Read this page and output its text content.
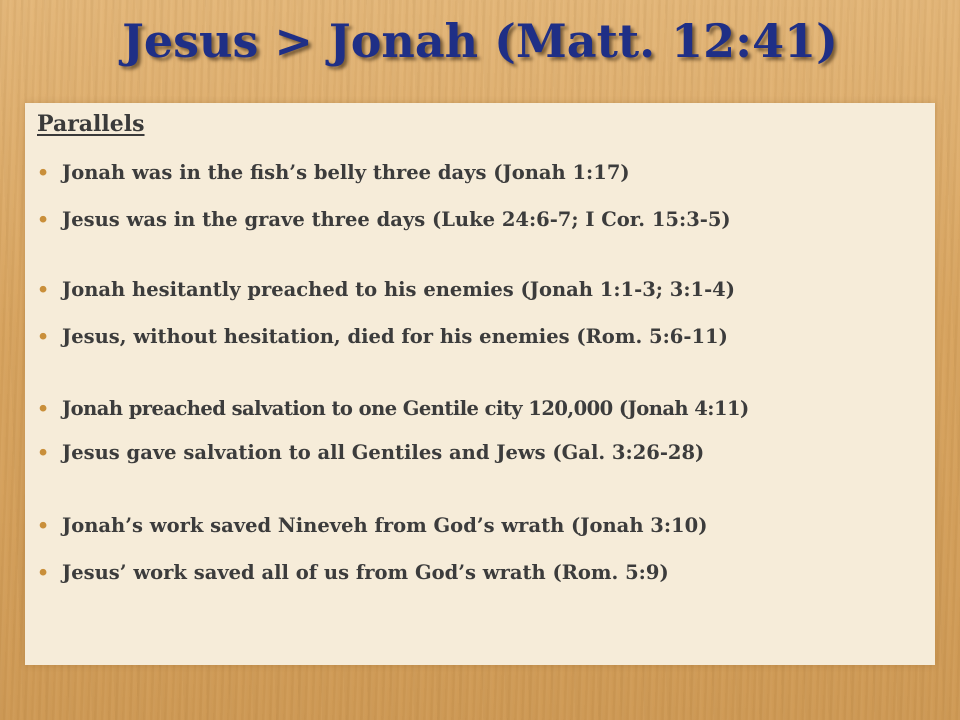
Jesus > Jonah (Matt. 12:41)
Parallels
• Jonah was in the fish’s belly three days (Jonah 1:17)
• Jesus was in the grave three days (Luke 24:6-7; I Cor. 15:3-5)
• Jonah hesitantly preached to his enemies (Jonah 1:1-3; 3:1-4)
• Jesus, without hesitation, died for his enemies (Rom. 5:6-11)
• Jonah preached salvation to one Gentile city 120,000 (Jonah 4:11)
• Jesus gave salvation to all Gentiles and Jews (Gal. 3:26-28)
• Jonah’s work saved Nineveh from God’s wrath (Jonah 3:10)
• Jesus’ work saved all of us from God’s wrath (Rom. 5:9)
